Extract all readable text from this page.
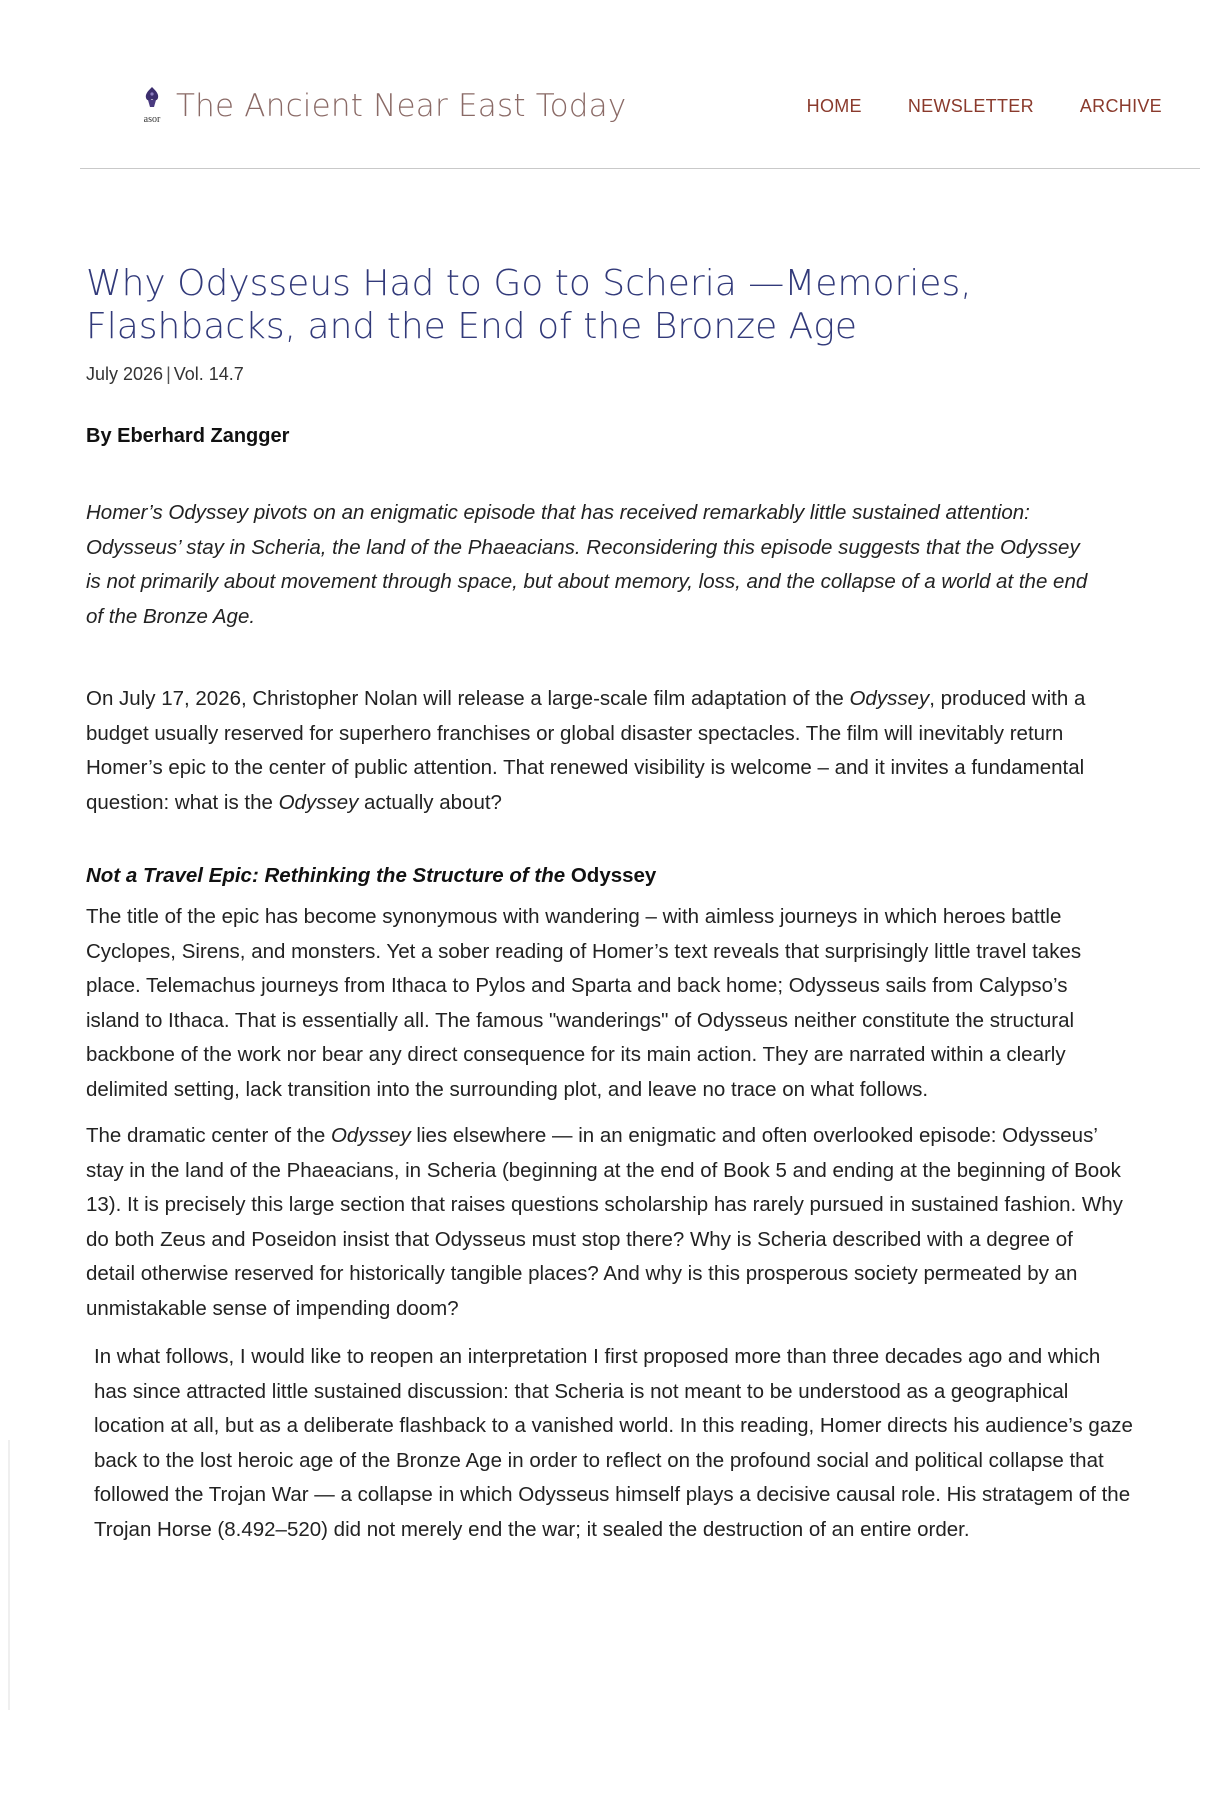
asor The Ancient Near East Today	HOME	NEWSLETTER	ARCHIVE
Why Odysseus Had to Go to Scheria —Memories, Flashbacks, and the End of the Bronze Age
July 2026 | Vol. 14.7
By Eberhard Zangger
Homer’s Odyssey pivots on an enigmatic episode that has received remarkably little sustained attention: Odysseus’ stay in Scheria, the land of the Phaeacians. Reconsidering this episode suggests that the Odyssey is not primarily about movement through space, but about memory, loss, and the collapse of a world at the end of the Bronze Age.

On July 17, 2026, Christopher Nolan will release a large-scale film adaptation of the Odyssey, produced with a budget usually reserved for superhero franchises or global disaster spectacles. The film will inevitably return Homer’s epic to the center of public attention. That renewed visibility is welcome – and it invites a fundamental question: what is the Odyssey actually about?

Not a Travel Epic: Rethinking the Structure of the Odyssey

The title of the epic has become synonymous with wandering – with aimless journeys in which heroes battle Cyclopes, Sirens, and monsters. Yet a sober reading of Homer’s text reveals that surprisingly little travel takes place. Telemachus journeys from Ithaca to Pylos and Sparta and back home; Odysseus sails from Calypso’s island to Ithaca. That is essentially all. The famous "wanderings" of Odysseus neither constitute the structural backbone of the work nor bear any direct consequence for its main action. They are narrated within a clearly delimited setting, lack transition into the surrounding plot, and leave no trace on what follows.

The dramatic center of the Odyssey lies elsewhere — in an enigmatic and often overlooked episode: Odysseus’ stay in the land of the Phaeacians, in Scheria (beginning at the end of Book 5 and ending at the beginning of Book 13). It is precisely this large section that raises questions scholarship has rarely pursued in sustained fashion. Why do both Zeus and Poseidon insist that Odysseus must stop there? Why is Scheria described with a degree of detail otherwise reserved for historically tangible places? And why is this prosperous society permeated by an unmistakable sense of impending doom?

In what follows, I would like to reopen an interpretation I first proposed more than three decades ago and which has since attracted little sustained discussion: that Scheria is not meant to be understood as a geographical location at all, but as a deliberate flashback to a vanished world. In this reading, Homer directs his audience’s gaze back to the lost heroic age of the Bronze Age in order to reflect on the profound social and political collapse that followed the Trojan War — a collapse in which Odysseus himself plays a decisive causal role. His stratagem of the Trojan Horse (8.492–520) did not merely end the war; it sealed the destruction of an entire order.
